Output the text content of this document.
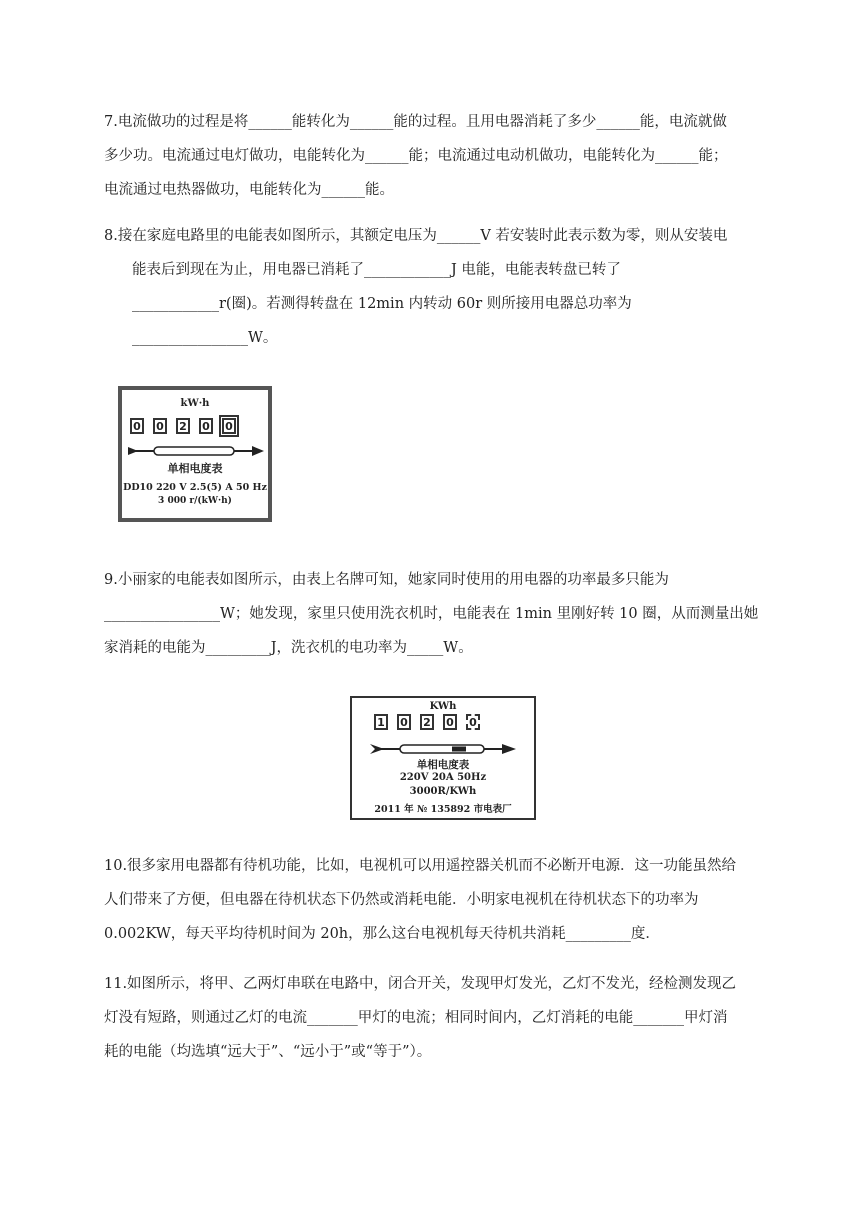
7.电流做功的过程是将______能转化为______能的过程。且用电器消耗了多少______能，电流就做
多少功。电流通过电灯做功，电能转化为______能；电流通过电动机做功，电能转化为______能；
电流通过电热器做功，电能转化为______能。
8.接在家庭电路里的电能表如图所示，其额定电压为______V 若安装时此表示数为零，则从安装电
能表后到现在为止，用电器已消耗了____________J 电能，电能表转盘已转了
____________r(圈)。若测得转盘在 12min 内转动 60r 则所接用电器总功率为
________________W。
kW·h
0 0 2 0 0
单相电度表
DD10 220 V 2.5(5) A 50 Hz
3 000 r/(kW·h)
9.小丽家的电能表如图所示，由表上名牌可知，她家同时使用的用电器的功率最多只能为
________________W；她发现，家里只使用洗衣机时，电能表在 1min 里刚好转 10 圈，从而测量出她
家消耗的电能为_________J，洗衣机的电功率为_____W。
KWh
1 0 2 0 0
单相电度表
220V 20A 50Hz
3000R/KWh
2011 年 № 135892 市电表厂
10.很多家用电器都有待机功能，比如，电视机可以用遥控器关机而不必断开电源．这一功能虽然给
人们带来了方便，但电器在待机状态下仍然或消耗电能．小明家电视机在待机状态下的功率为
0.002KW，每天平均待机时间为 20h，那么这台电视机每天待机共消耗_________度．
11.如图所示，将甲、乙两灯串联在电路中，闭合开关，发现甲灯发光，乙灯不发光，经检测发现乙
灯没有短路，则通过乙灯的电流_______甲灯的电流；相同时间内，乙灯消耗的电能_______甲灯消
耗的电能（均选填“远大于”、“远小于”或“等于”）。
